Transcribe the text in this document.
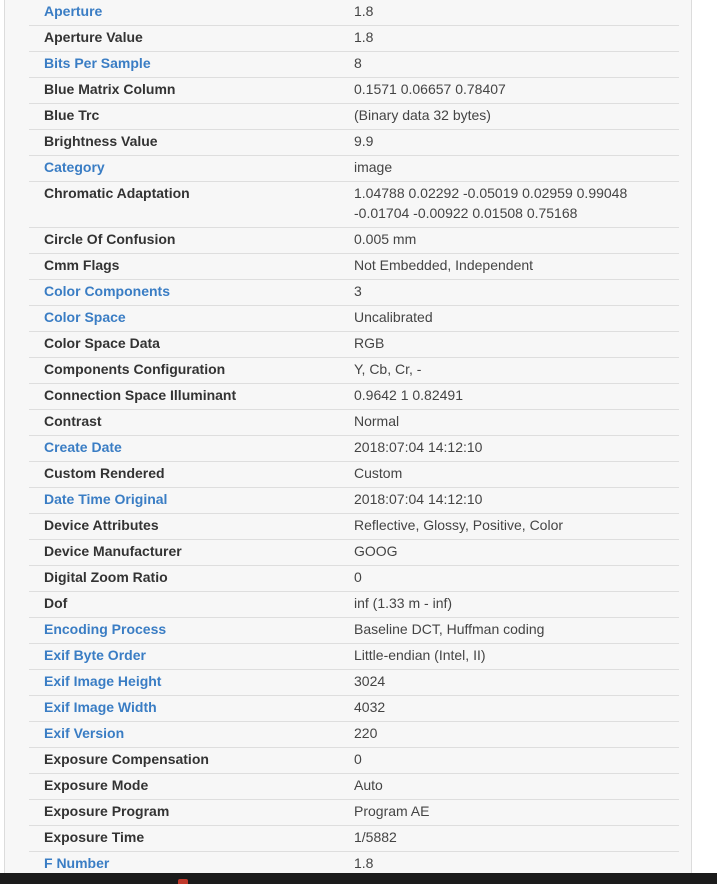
Aperture	1.8
Aperture Value	1.8
Bits Per Sample	8
Blue Matrix Column	0.1571 0.06657 0.78407
Blue Trc	(Binary data 32 bytes)
Brightness Value	9.9
Category	image
Chromatic Adaptation	1.04788 0.02292 -0.05019 0.02959 0.99048 -0.01704 -0.00922 0.01508 0.75168
Circle Of Confusion	0.005 mm
Cmm Flags	Not Embedded, Independent
Color Components	3
Color Space	Uncalibrated
Color Space Data	RGB
Components Configuration	Y, Cb, Cr, -
Connection Space Illuminant	0.9642 1 0.82491
Contrast	Normal
Create Date	2018:07:04 14:12:10
Custom Rendered	Custom
Date Time Original	2018:07:04 14:12:10
Device Attributes	Reflective, Glossy, Positive, Color
Device Manufacturer	GOOG
Digital Zoom Ratio	0
Dof	inf (1.33 m - inf)
Encoding Process	Baseline DCT, Huffman coding
Exif Byte Order	Little-endian (Intel, II)
Exif Image Height	3024
Exif Image Width	4032
Exif Version	220
Exposure Compensation	0
Exposure Mode	Auto
Exposure Program	Program AE
Exposure Time	1/5882
F Number	1.8
